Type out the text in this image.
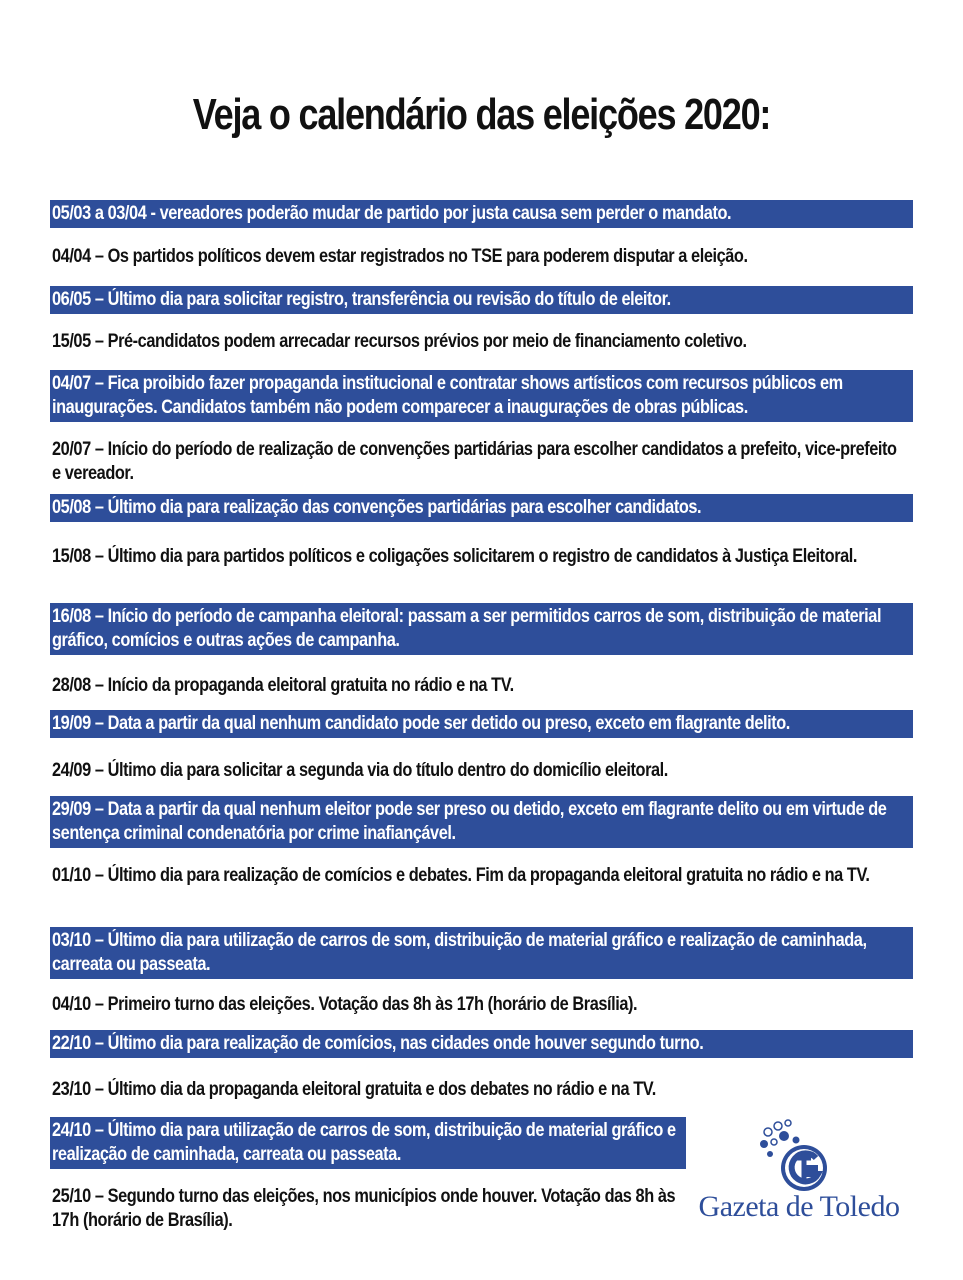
Veja o calendário das eleições 2020:
05/03 a 03/04 - vereadores poderão mudar de partido por justa causa sem perder o mandato.
04/04 – Os partidos políticos devem estar registrados no TSE para poderem disputar a eleição.
06/05 – Último dia para solicitar registro, transferência ou revisão do título de eleitor.
15/05 – Pré-candidatos podem arrecadar recursos prévios por meio de financiamento coletivo.
04/07 – Fica proibido fazer propaganda institucional e contratar shows artísticos com recursos públicos em inaugurações. Candidatos também não podem comparecer a inaugurações de obras públicas.
20/07 – Início do período de realização de convenções partidárias para escolher candidatos a prefeito, vice-prefeito e vereador.
05/08 – Último dia para realização das convenções partidárias para escolher candidatos.
15/08 – Último dia para partidos políticos e coligações solicitarem o registro de candidatos à Justiça Eleitoral.
16/08 – Início do período de campanha eleitoral: passam a ser permitidos carros de som, distribuição de material gráfico, comícios e outras ações de campanha.
28/08 – Início da propaganda eleitoral gratuita no rádio e na TV.
19/09 – Data a partir da qual nenhum candidato pode ser detido ou preso, exceto em flagrante delito.
24/09 – Último dia para solicitar a segunda via do título dentro do domicílio eleitoral.
29/09 – Data a partir da qual nenhum eleitor pode ser preso ou detido, exceto em flagrante delito ou em virtude de sentença criminal condenatória por crime inafiançável.
01/10 – Último dia para realização de comícios e debates. Fim da propaganda eleitoral gratuita no rádio e na TV.
03/10 – Último dia para utilização de carros de som, distribuição de material gráfico e realização de caminhada, carreata ou passeata.
04/10 – Primeiro turno das eleições. Votação das 8h às 17h (horário de Brasília).
22/10 – Último dia para realização de comícios, nas cidades onde houver segundo turno.
23/10 – Último dia da propaganda eleitoral gratuita e dos debates no rádio e na TV.
24/10 – Último dia para utilização de carros de som, distribuição de material gráfico e realização de caminhada, carreata ou passeata.
25/10 – Segundo turno das eleições, nos municípios onde houver. Votação das 8h às 17h (horário de Brasília).	Gazeta de Toledo
